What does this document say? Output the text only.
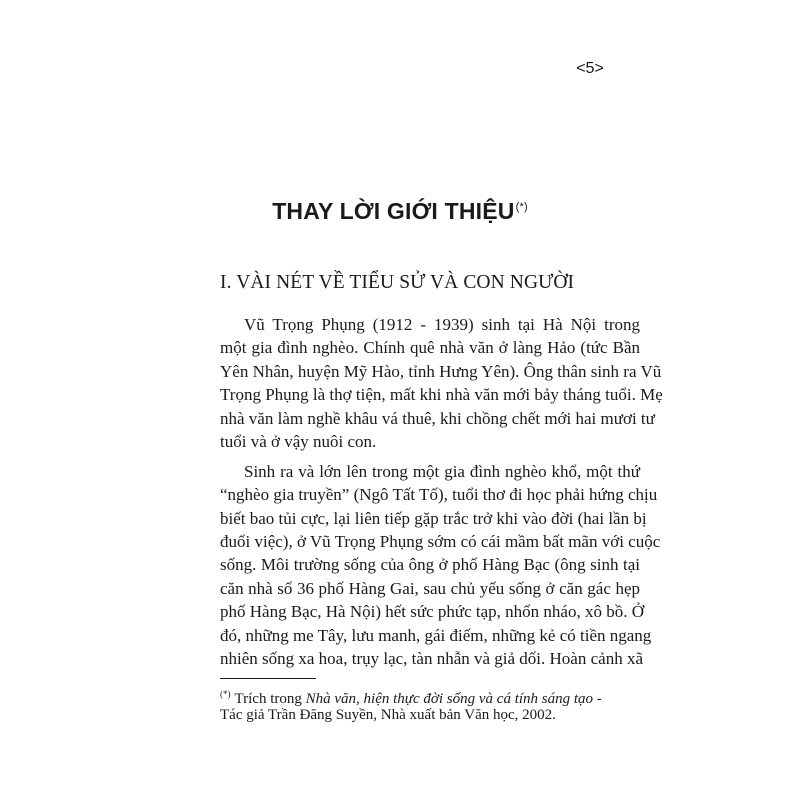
<5>
THAY LỜI GIỚI THIỆU(*)
I. VÀI NÉT VỀ TIỂU SỬ VÀ CON NGƯỜI
Vũ Trọng Phụng (1912 - 1939) sinh tại Hà Nội trong
một gia đình nghèo. Chính quê nhà văn ở làng Hảo (tức Bần
Yên Nhân, huyện Mỹ Hào, tỉnh Hưng Yên). Ông thân sinh ra Vũ
Trọng Phụng là thợ tiện, mất khi nhà văn mới bảy tháng tuổi. Mẹ
nhà văn làm nghề khâu vá thuê, khi chồng chết mới hai mươi tư
tuổi và ở vậy nuôi con.
Sinh ra và lớn lên trong một gia đình nghèo khổ, một thứ
“nghèo gia truyền” (Ngô Tất Tố), tuổi thơ đi học phải hứng chịu
biết bao tủi cực, lại liên tiếp gặp trắc trở khi vào đời (hai lần bị
đuổi việc), ở Vũ Trọng Phụng sớm có cái mầm bất mãn với cuộc
sống. Môi trường sống của ông ở phố Hàng Bạc (ông sinh tại
căn nhà số 36 phố Hàng Gai, sau chủ yếu sống ở căn gác hẹp
phố Hàng Bạc, Hà Nội) hết sức phức tạp, nhốn nháo, xô bồ. Ở
đó, những me Tây, lưu manh, gái điếm, những kẻ có tiền ngang
nhiên sống xa hoa, trụy lạc, tàn nhẫn và giả dối. Hoàn cảnh xã
(*) Trích trong Nhà văn, hiện thực đời sống và cá tính sáng tạo -
Tác giả Trần Đăng Suyền, Nhà xuất bản Văn học, 2002.
